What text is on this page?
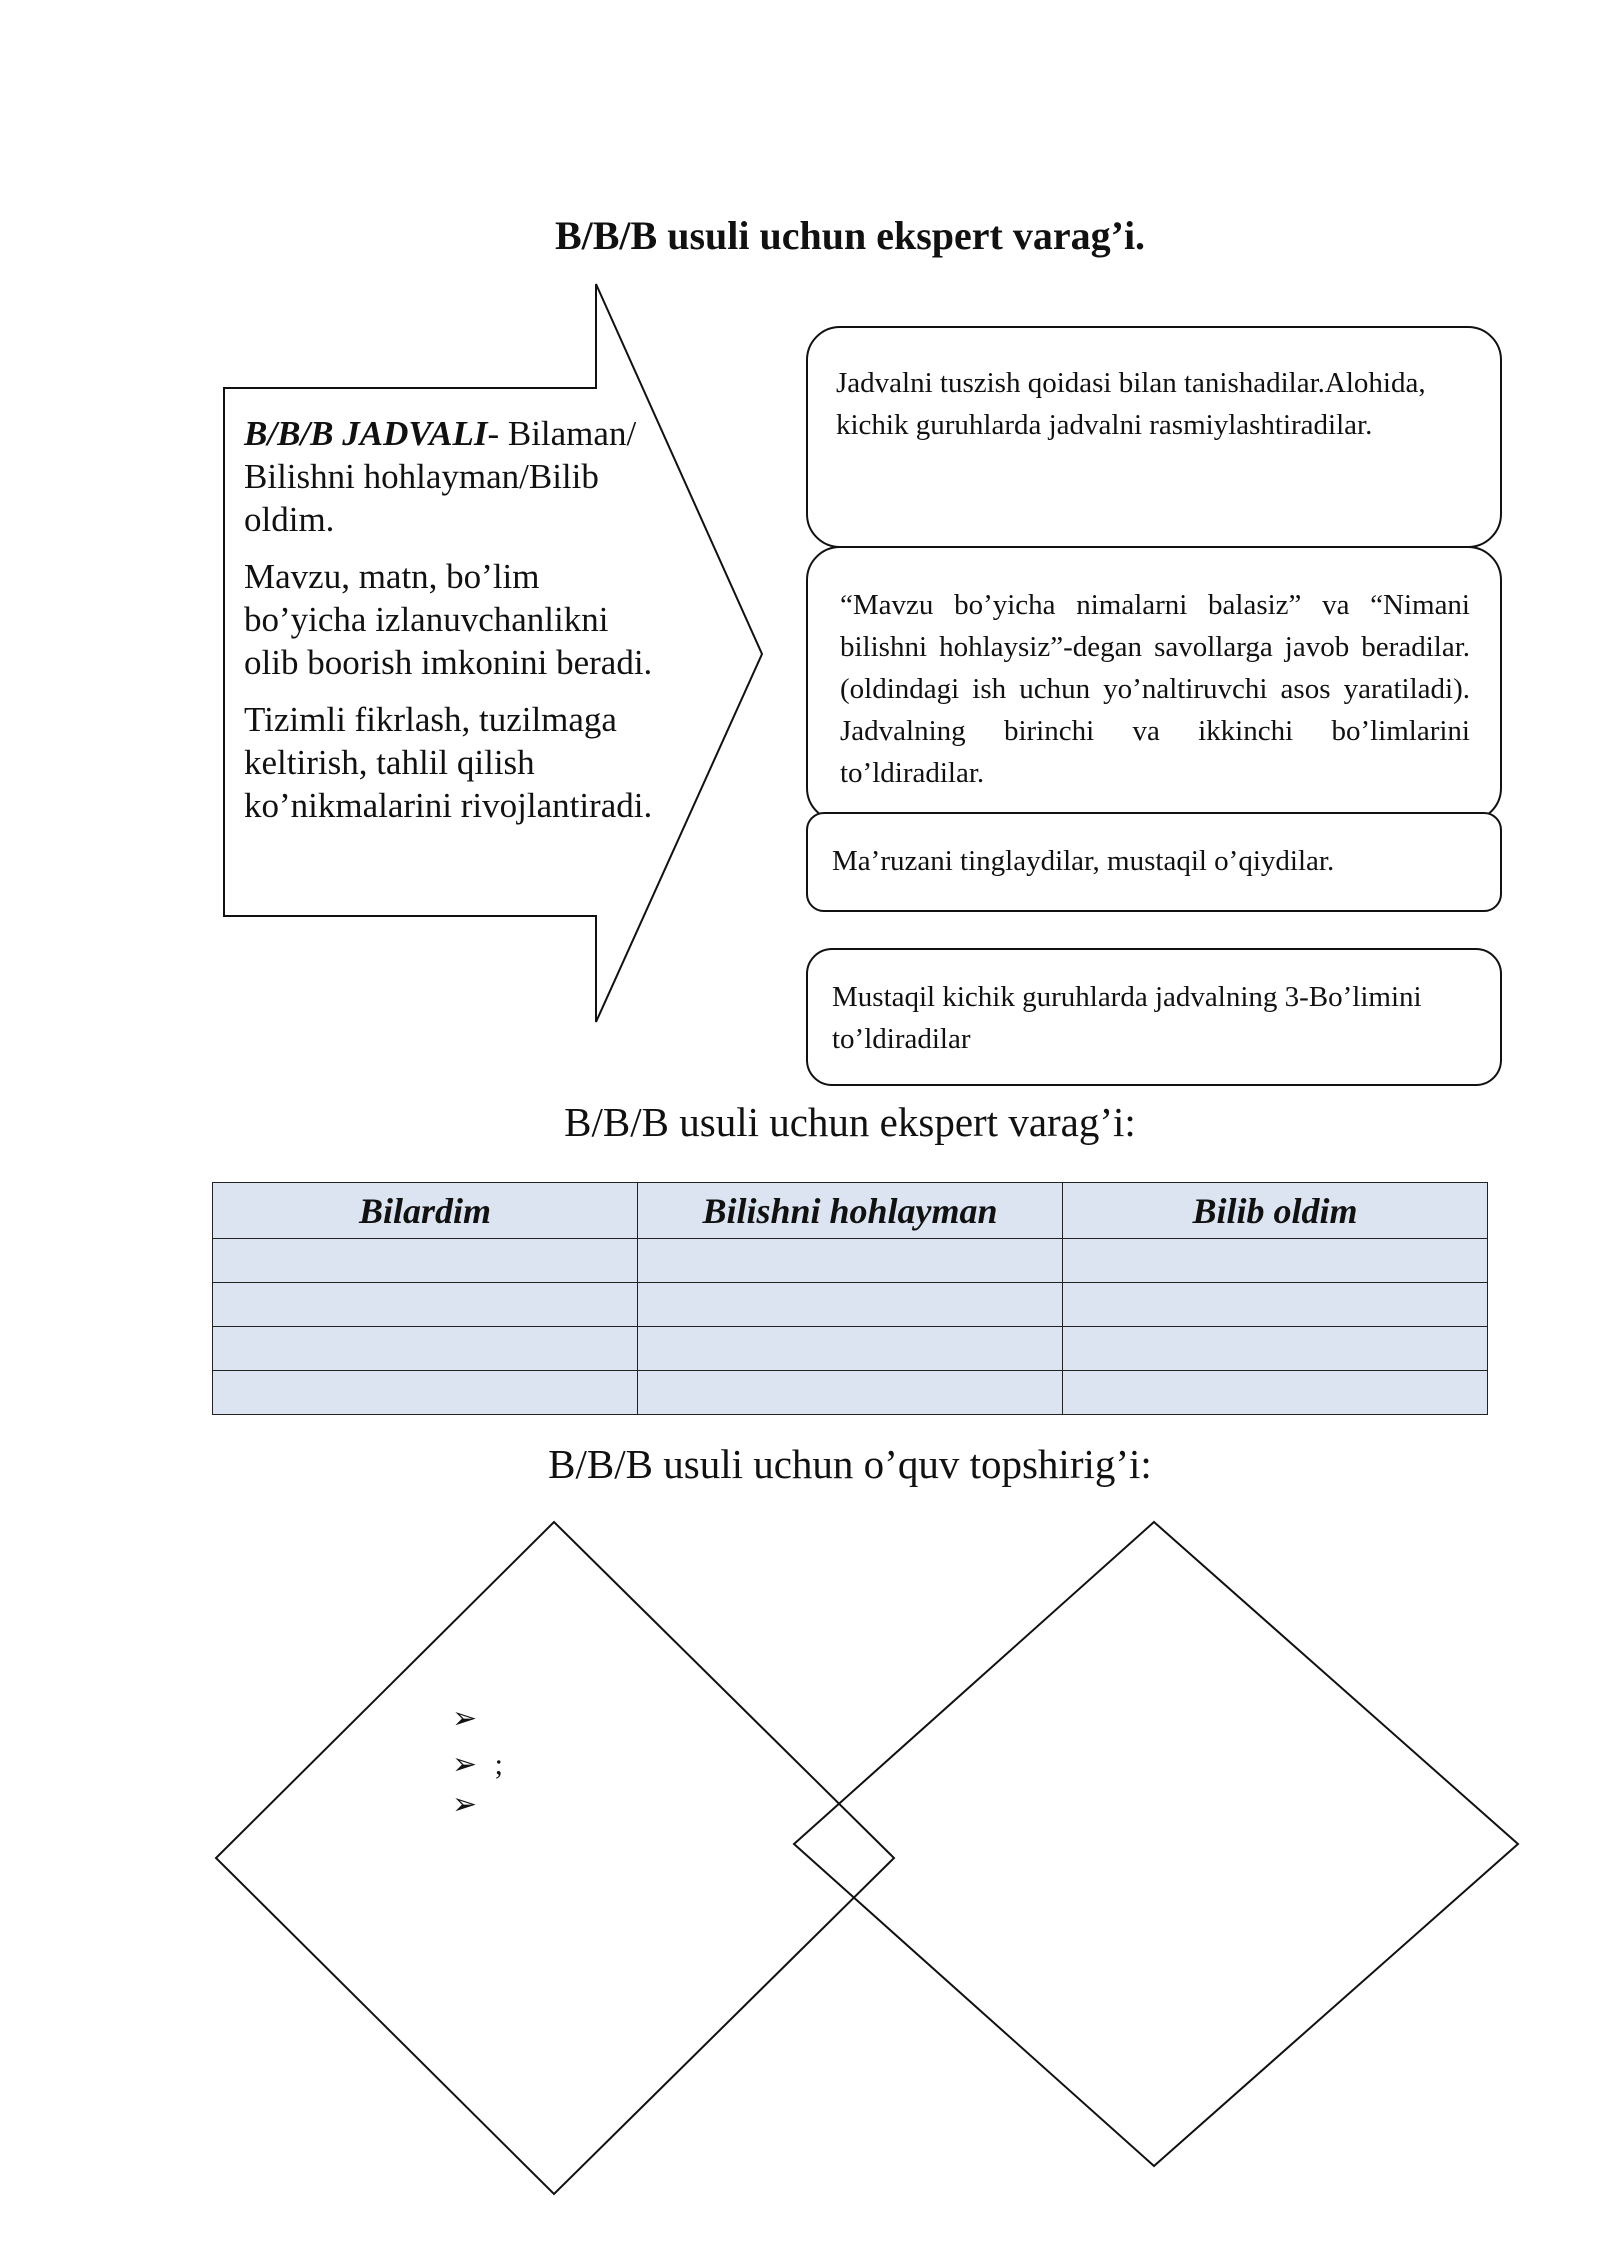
B/B/B usuli uchun ekspert varag’i.

B/B/B JADVALI- Bilaman/ Bilishni hohlayman/Bilib oldim.

Mavzu, matn, bo’lim bo’yicha izlanuvchanlikni olib boorish imkonini beradi.

Tizimli fikrlash, tuzilmaga keltirish, tahlil qilish ko’nikmalarini rivojlantiradi.

Jadvalni tuszish qoidasi bilan tanishadilar.Alohida, kichik guruhlarda jadvalni rasmiylashtiradilar.
“Mavzu bo’yicha nimalarni balasiz” va “Nimani bilishni hohlaysiz”-degan savollarga javob beradilar. (oldindagi ish uchun yo’naltiruvchi asos yaratiladi). Jadvalning birinchi va ikkinchi bo’limlarini to’ldiradilar.
Ma’ruzani tinglaydilar, mustaqil o’qiydilar.
Mustaqil kichik guruhlarda jadvalning 3-Bo’limini to’ldiradilar
B/B/B usuli uchun ekspert varag’i:
Bilardim	Bilishni hohlayman	Bilib oldim

B/B/B usuli uchun o’quv topshirig’i:
➢
➢ ;
➢
